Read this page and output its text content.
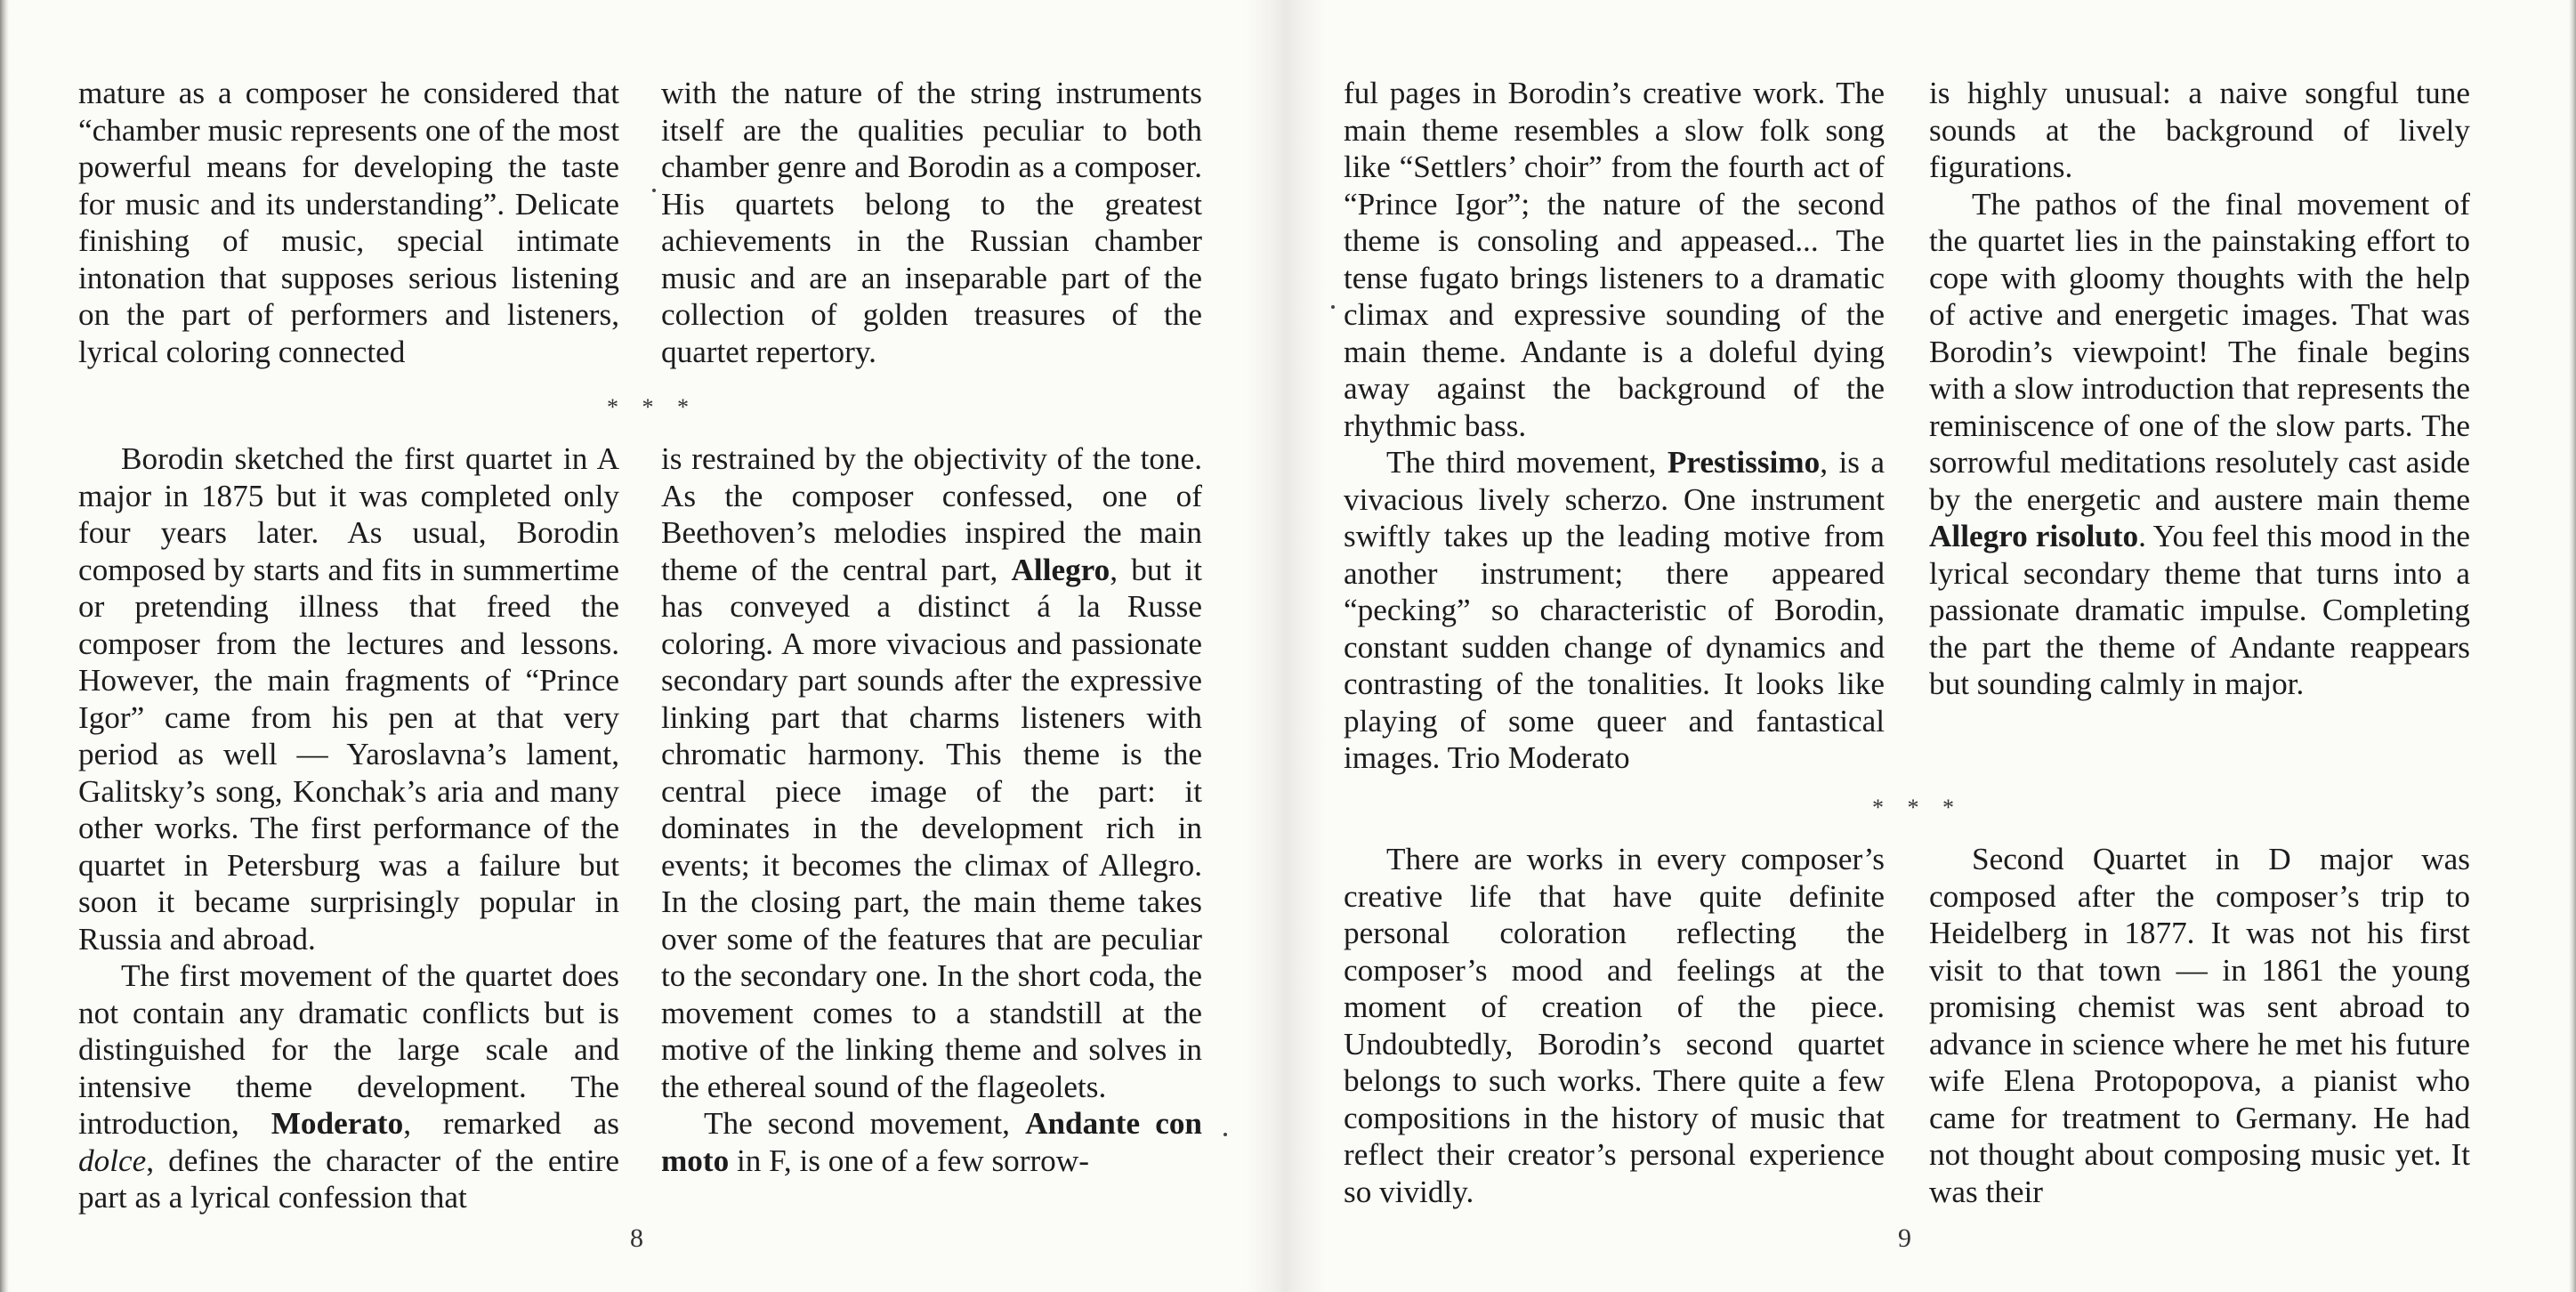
mature as a composer he considered that “chamber music represents one of the most powerful means for developing the taste for music and its understanding”. Delicate finishing of music, special intimate intonation that supposes serious listening on the part of performers and listeners, lyrical coloring connected

with the nature of the string instruments itself are the qualities peculiar to both chamber genre and Borodin as a composer. His quartets belong to the greatest achievements in the Russian chamber music and are an inseparable part of the collection of golden treasures of the quartet repertory.

* * *

Borodin sketched the first quartet in A major in 1875 but it was completed only four years later. As usual, Borodin composed by starts and fits in summertime or pretending illness that freed the composer from the lectures and lessons. However, the main fragments of “Prince Igor” came from his pen at that very period as well — Yaroslavna’s lament, Galitsky’s song, Konchak’s aria and many other works. The first performance of the quartet in Petersburg was a failure but soon it became surprisingly popular in Russia and abroad.

The first movement of the quartet does not contain any dramatic conflicts but is distinguished for the large scale and intensive theme development. The introduction, Moderato, remarked as dolce, defines the character of the entire part as a lyrical confession that

is restrained by the objectivity of the tone. As the composer confessed, one of Beethoven’s melodies inspired the main theme of the central part, Allegro, but it has conveyed a distinct á la Russe coloring. A more vivacious and passionate secondary part sounds after the expressive linking part that charms listeners with chromatic harmony. This theme is the central piece image of the part: it dominates in the development rich in events; it becomes the climax of Allegro. In the closing part, the main theme takes over some of the features that are peculiar to the secondary one. In the short coda, the movement comes to a standstill at the motive of the linking theme and solves in the ethereal sound of the flageolets.

The second movement, Andante con moto in F, is one of a few sorrow-

8

ful pages in Borodin’s creative work. The main theme resembles a slow folk song like “Settlers’ choir” from the fourth act of “Prince Igor”; the nature of the second theme is consoling and appeased... The tense fugato brings listeners to a dramatic climax and expressive sounding of the main theme. Andante is a doleful dying away against the background of the rhythmic bass.

The third movement, Prestissimo, is a vivacious lively scherzo. One instrument swiftly takes up the leading motive from another instrument; there appeared “pecking” so characteristic of Borodin, constant sudden change of dynamics and contrasting of the tonalities. It looks like playing of some queer and fantastical images. Trio Moderato

is highly unusual: a naive songful tune sounds at the background of lively figurations.

The pathos of the final movement of the quartet lies in the painstaking effort to cope with gloomy thoughts with the help of active and energetic images. That was Borodin’s viewpoint! The finale begins with a slow introduction that represents the reminiscence of one of the slow parts. The sorrowful meditations resolutely cast aside by the energetic and austere main theme Allegro risoluto. You feel this mood in the lyrical secondary theme that turns into a passionate dramatic impulse. Completing the part the theme of Andante reappears but sounding calmly in major.

* * *

There are works in every composer’s creative life that have quite definite personal coloration reflecting the composer’s mood and feelings at the moment of creation of the piece. Undoubtedly, Borodin’s second quartet belongs to such works. There quite a few compositions in the history of music that reflect their creator’s personal experience so vividly.

Second Quartet in D major was composed after the composer’s trip to Heidelberg in 1877. It was not his first visit to that town — in 1861 the young promising chemist was sent abroad to advance in science where he met his future wife Elena Protopopova, a pianist who came for treatment to Germany. He had not thought about composing music yet. It was their

9
